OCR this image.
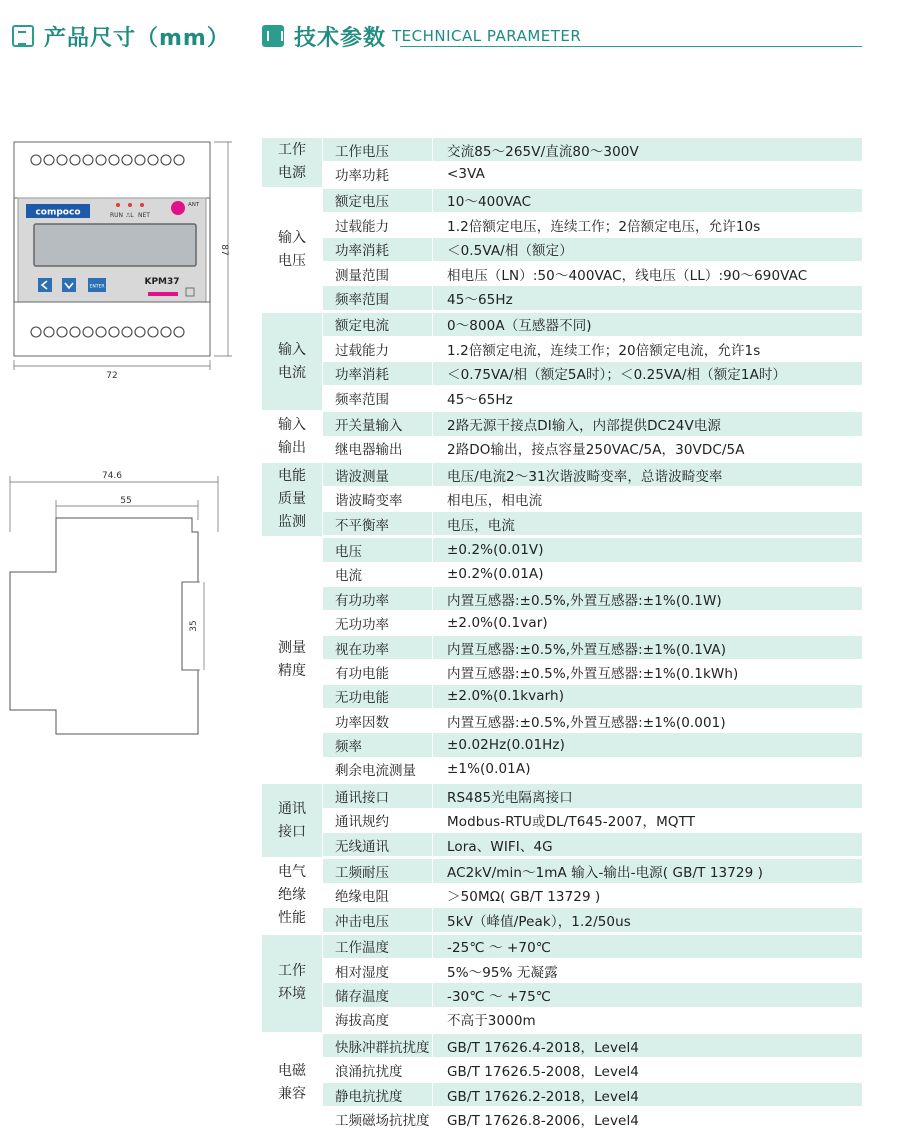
产品尺寸（mm）	技术参数 TECHNICAL PARAMETER
compoco	RUN ⎍L NET
ANT
ENTER	KPM37
87
72
74.6
55
35
工作
电源
工作电压	交流85～265V/直流80～300V
功率功耗	<3VA
输入
电压
额定电压	10～400VAC
过载能力	1.2倍额定电压，连续工作；2倍额定电压，允许10s
功率消耗	＜0.5VA/相（额定）
测量范围	相电压（LN）:50～400VAC，线电压（LL）:90～690VAC
频率范围	45～65Hz
输入
电流
额定电流	0～800A（互感器不同)
过载能力	1.2倍额定电流，连续工作；20倍额定电流，允许1s
功率消耗	＜0.75VA/相（额定5A时）；＜0.25VA/相（额定1A时）
频率范围	45～65Hz
输入
输出
开关量输入	2路无源干接点DI输入，内部提供DC24V电源
继电器输出	2路DO输出，接点容量250VAC/5A，30VDC/5A
电能
质量
监测
谐波测量	电压/电流2～31次谐波畸变率，总谐波畸变率
谐波畸变率	相电压，相电流
不平衡率	电压，电流
测量
精度
电压	±0.2%(0.01V)
电流	±0.2%(0.01A)
有功功率	内置互感器:±0.5%,外置互感器:±1%(0.1W)
无功功率	±2.0%(0.1var)
视在功率	内置互感器:±0.5%,外置互感器:±1%(0.1VA)
有功电能	内置互感器:±0.5%,外置互感器:±1%(0.1kWh)
无功电能	±2.0%(0.1kvarh)
功率因数	内置互感器:±0.5%,外置互感器:±1%(0.001)
频率	±0.02Hz(0.01Hz)
剩余电流测量	±1%(0.01A)
通讯
接口
通讯接口	RS485光电隔离接口
通讯规约	Modbus-RTU或DL/T645-2007，MQTT
无线通讯	Lora、WIFI、4G
电气
绝缘
性能
工频耐压	AC2kV/min～1mA 输入-输出-电源( GB/T 13729 )
绝缘电阻	＞50MΩ( GB/T 13729 )
冲击电压	5kV（峰值/Peak），1.2/50us
工作
环境
工作温度	-25℃ ～ +70℃
相对湿度	5%～95% 无凝露
储存温度	-30℃ ～ +75℃
海拔高度	不高于3000m
电磁
兼容
快脉冲群抗扰度	GB/T 17626.4-2018，Level4
浪涌抗扰度	GB/T 17626.5-2008，Level4
静电抗扰度	GB/T 17626.2-2018，Level4
工频磁场抗扰度	GB/T 17626.8-2006，Level4
